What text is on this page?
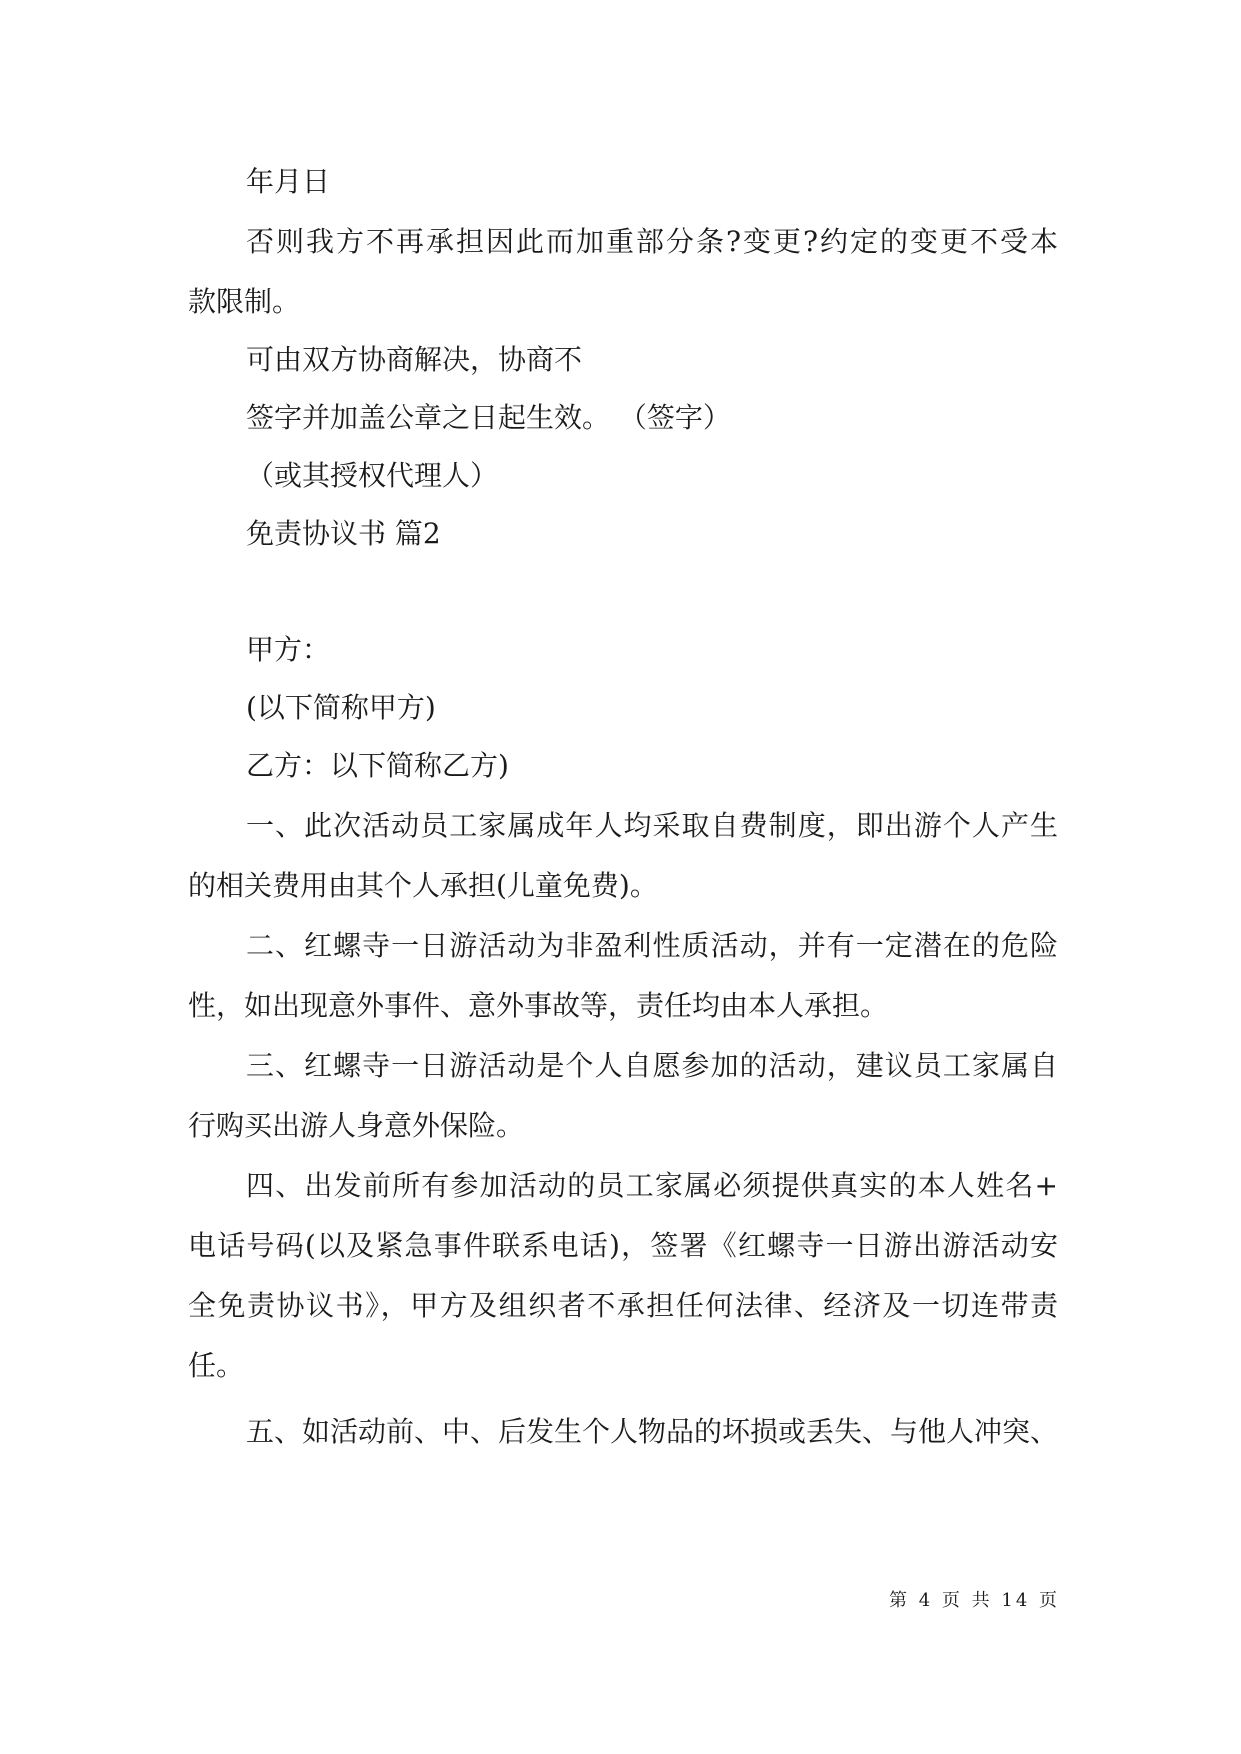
年月日
否则我方不再承担因此而加重部分条?变更?约定的变更不受本
款限制。
可由双方协商解决，协商不
签字并加盖公章之日起生效。 （签字）
（或其授权代理人）
免责协议书 篇2
甲方：
(以下简称甲方)
乙方：以下简称乙方)
一、此次活动员工家属成年人均采取自费制度，即出游个人产生
的相关费用由其个人承担(儿童免费)。
二、红螺寺一日游活动为非盈利性质活动，并有一定潜在的危险
性，如出现意外事件、意外事故等，责任均由本人承担。
三、红螺寺一日游活动是个人自愿参加的活动，建议员工家属自
行购买出游人身意外保险。
四、出发前所有参加活动的员工家属必须提供真实的本人姓名+
电话号码(以及紧急事件联系电话)，签署《红螺寺一日游出游活动安
全免责协议书》，甲方及组织者不承担任何法律、经济及一切连带责
任。
五、如活动前、中、后发生个人物品的坏损或丢失、与他人冲突、
第 4 页 共 14 页
